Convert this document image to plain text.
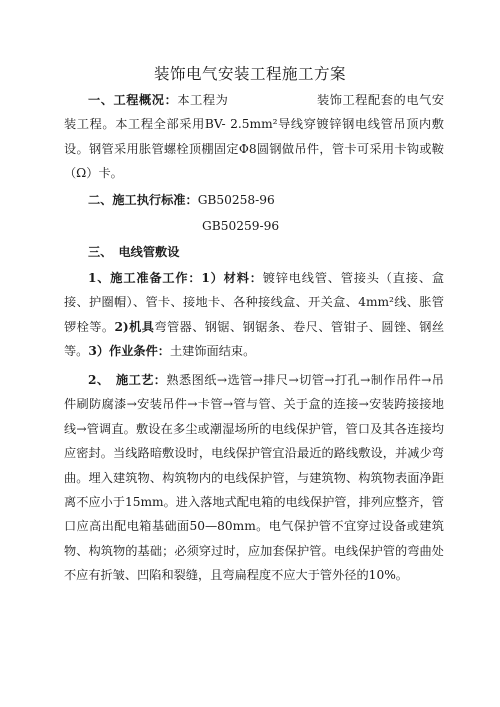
装饰电气安装工程施工方案

一、工程概况：本工程为	装饰工程配套的电气安装工程。本工程全部采用BV- 2.5mm²导线穿镀锌钢电线管吊顶内敷设。钢管采用胀管螺栓顶棚固定Φ8圆钢做吊件，管卡可采用卡钩或鞍（Ω）卡。

二、施工执行标准：GB50258-96

GB50259-96

三、　电线管敷设

1、施工准备工作：1）材料：镀锌电线管、管接头（直接、盒接、护圈帽）、管卡、接地卡、各种接线盒、开关盒、4mm²线、胀管锣栓等。2)机具弯管器、钢锯、钢锯条、卷尺、管钳子、圆锉、钢丝等。3）作业条件：土建饰面结束。

2、　施工艺：熟悉图纸→选管→排尺→切管→打孔→制作吊件→吊件刷防腐漆→安装吊件→卡管→管与管、关于盒的连接→安装跨接接地线→管调直。敷设在多尘或潮湿场所的电线保护管，管口及其各连接均应密封。当线路暗敷设时，电线保护管宜沿最近的路线敷设，并减少弯曲。埋入建筑物、构筑物内的电线保护管，与建筑物、构筑物表面净距离不应小于15mm。进入落地式配电箱的电线保护管，排列应整齐，管口应高出配电箱基础面50—80mm。电气保护管不宜穿过设备或建筑物、构筑物的基础；必须穿过时，应加套保护管。电线保护管的弯曲处不应有折皱、凹陷和裂缝，且弯扁程度不应大于管外径的10%。
